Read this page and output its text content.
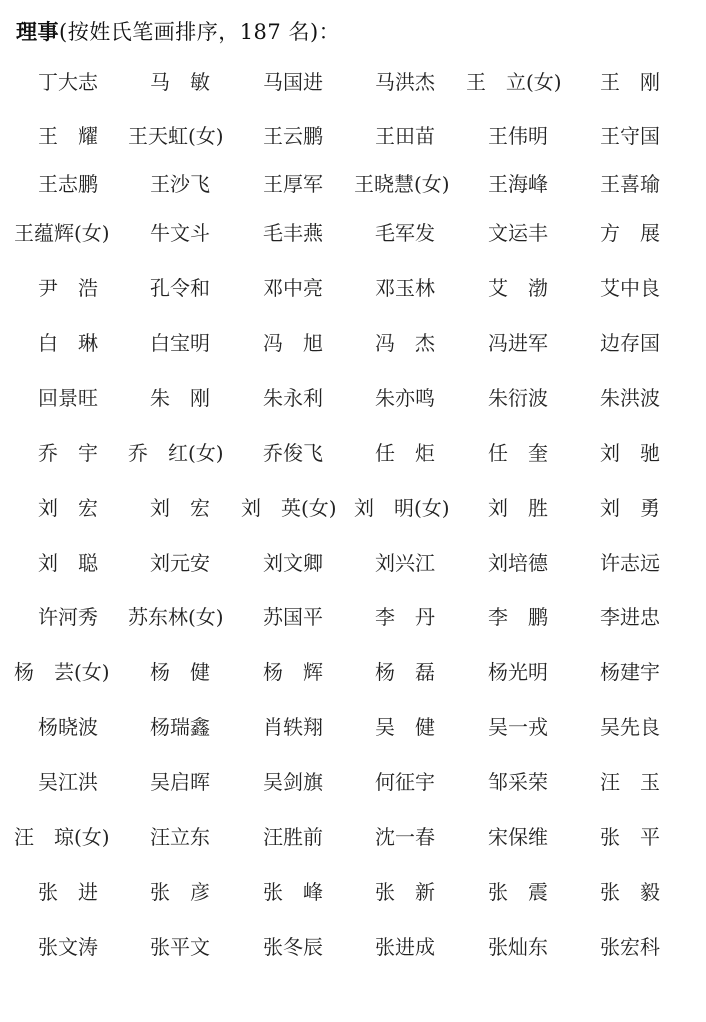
理事(按姓氏笔画排序，187 名)：
丁大志	马　敏	马国进	马洪杰	王　立(女)	王　刚
王　耀	王天虹(女)	王云鹏	王田苗	王伟明	王守国
王志鹏	王沙飞	王厚军	王晓慧(女)	王海峰	王喜瑜
王蕴辉(女)	牛文斗	毛丰燕	毛军发	文运丰	方　展
尹　浩	孔令和	邓中亮	邓玉林	艾　渤	艾中良
白　琳	白宝明	冯　旭	冯　杰	冯进军	边存国
回景旺	朱　刚	朱永利	朱亦鸣	朱衍波	朱洪波
乔　宇	乔　红(女)	乔俊飞	任　炬	任　奎	刘　驰
刘　宏	刘　宏	刘　英(女) 刘　明(女)	刘　胜	刘　勇
刘　聪	刘元安	刘文卿	刘兴江	刘培德	许志远
许河秀	苏东林(女)	苏国平	李　丹	李　鹏	李进忠
杨　芸(女)	杨　健	杨　辉	杨　磊	杨光明	杨建宇
杨晓波	杨瑞鑫	肖轶翔	吴　健	吴一戎	吴先良
吴江洪	吴启晖	吴剑旗	何征宇	邹采荣	汪　玉
汪　琼(女)	汪立东	汪胜前	沈一春	宋保维	张　平
张　进	张　彦	张　峰	张　新	张　震	张　毅
张文涛	张平文	张冬辰	张进成	张灿东	张宏科
